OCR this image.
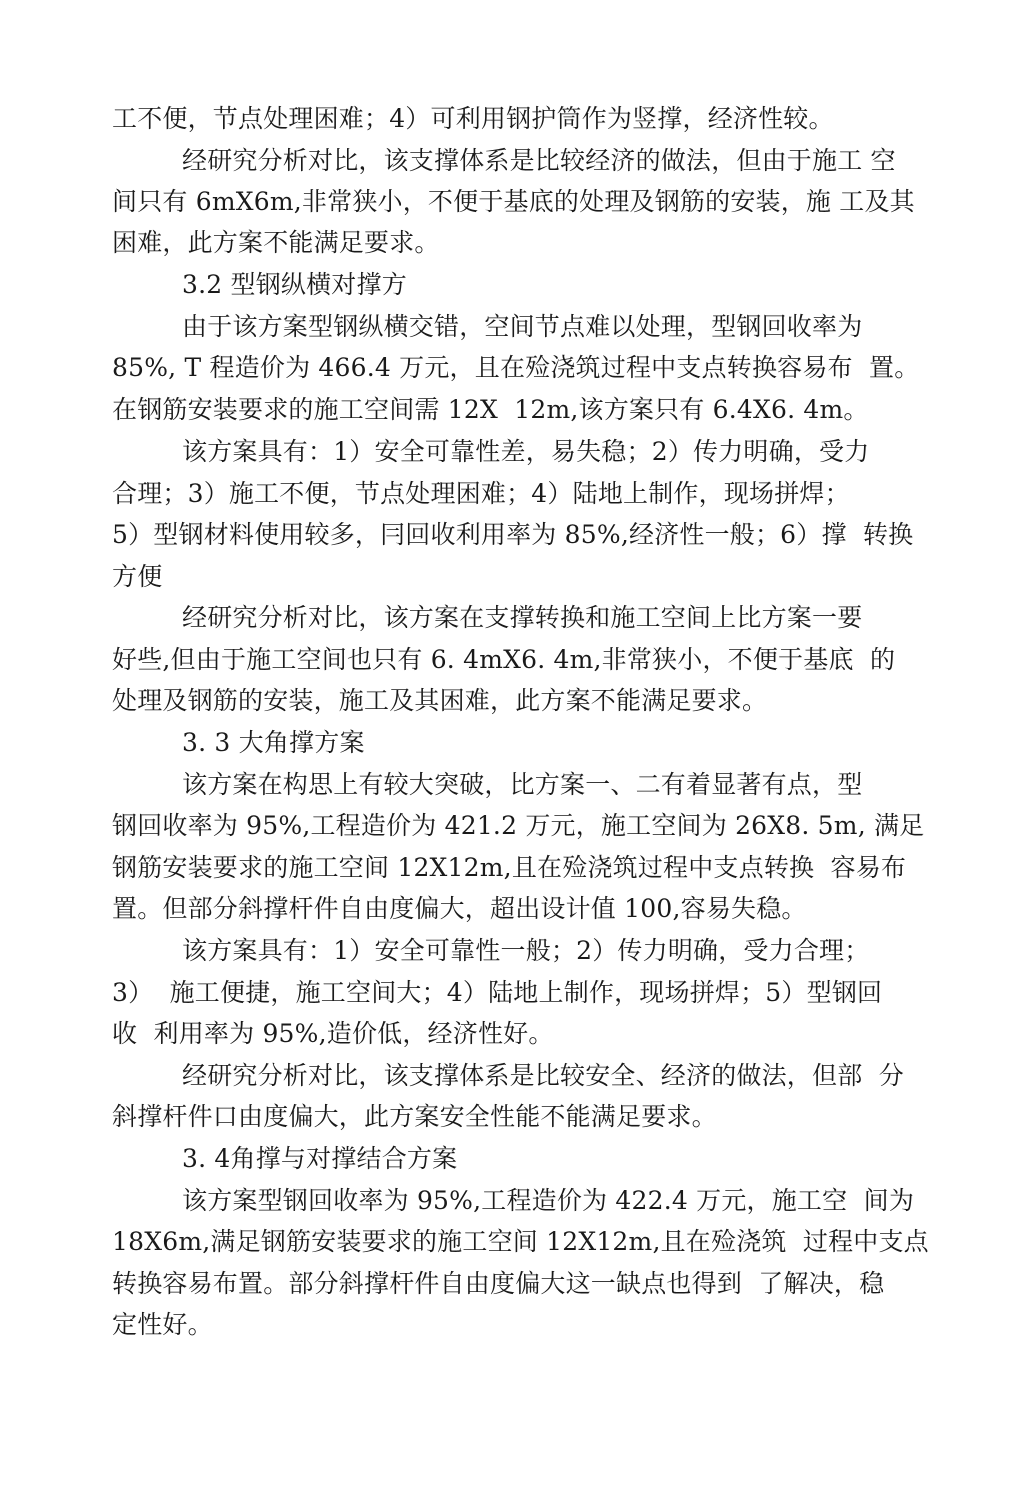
工不便，节点处理困难；4）可利用钢护筒作为竖撑，经济性较。
经研究分析对比，该支撑体系是比较经济的做法，但由于施工 空
间只有 6mX6m,非常狭小，不便于基底的处理及钢筋的安装，施 工及其
困难，此方案不能满足要求。
3.2 型钢纵横对撑方
由于该方案型钢纵横交错，空间节点难以处理，型钢回收率为
85%, T 程造价为 466.4 万元，且在殓浇筑过程中支点转换容易布  置。
在钢筋安装要求的施工空间需 12X  12m,该方案只有 6.4X6. 4m。
该方案具有：1）安全可靠性差，易失稳；2）传力明确，受力
合理；3）施工不便，节点处理困难；4）陆地上制作，现场拼焊；
5）型钢材料使用较多，冃回收利用率为 85%,经济性一般；6）撑  转换
方便
经研究分析对比，该方案在支撑转换和施工空间上比方案一要
好些,但由于施工空间也只有 6. 4mX6. 4m,非常狭小，不便于基底  的
处理及钢筋的安装，施工及其困难，此方案不能满足要求。
3. 3 大角撑方案
该方案在构思上有较大突破，比方案一、二有着显著有点，型
钢回收率为 95%,工程造价为 421.2 万元，施工空间为 26X8. 5m, 满足
钢筋安装要求的施工空间 12X12m,且在殓浇筑过程中支点转换  容易布
置。但部分斜撑杆件自由度偏大，超出设计值 100,容易失稳。
该方案具有：1）安全可靠性一般；2）传力明确，受力合理；
3）  施工便捷，施工空间大；4）陆地上制作，现场拼焊；5）型钢回
收  利用率为 95%,造价低，经济性好。
经研究分析对比，该支撑体系是比较安全、经济的做法，但部  分
斜撑杆件口由度偏大，此方案安全性能不能满足要求。
3. 4角撑与对撑结合方案
该方案型钢回收率为 95%,工程造价为 422.4 万元，施工空  间为
18X6m,满足钢筋安装要求的施工空间 12X12m,且在殓浇筑  过程中支点
转换容易布置。部分斜撑杆件自由度偏大这一缺点也得到  了解决，稳
定性好。
